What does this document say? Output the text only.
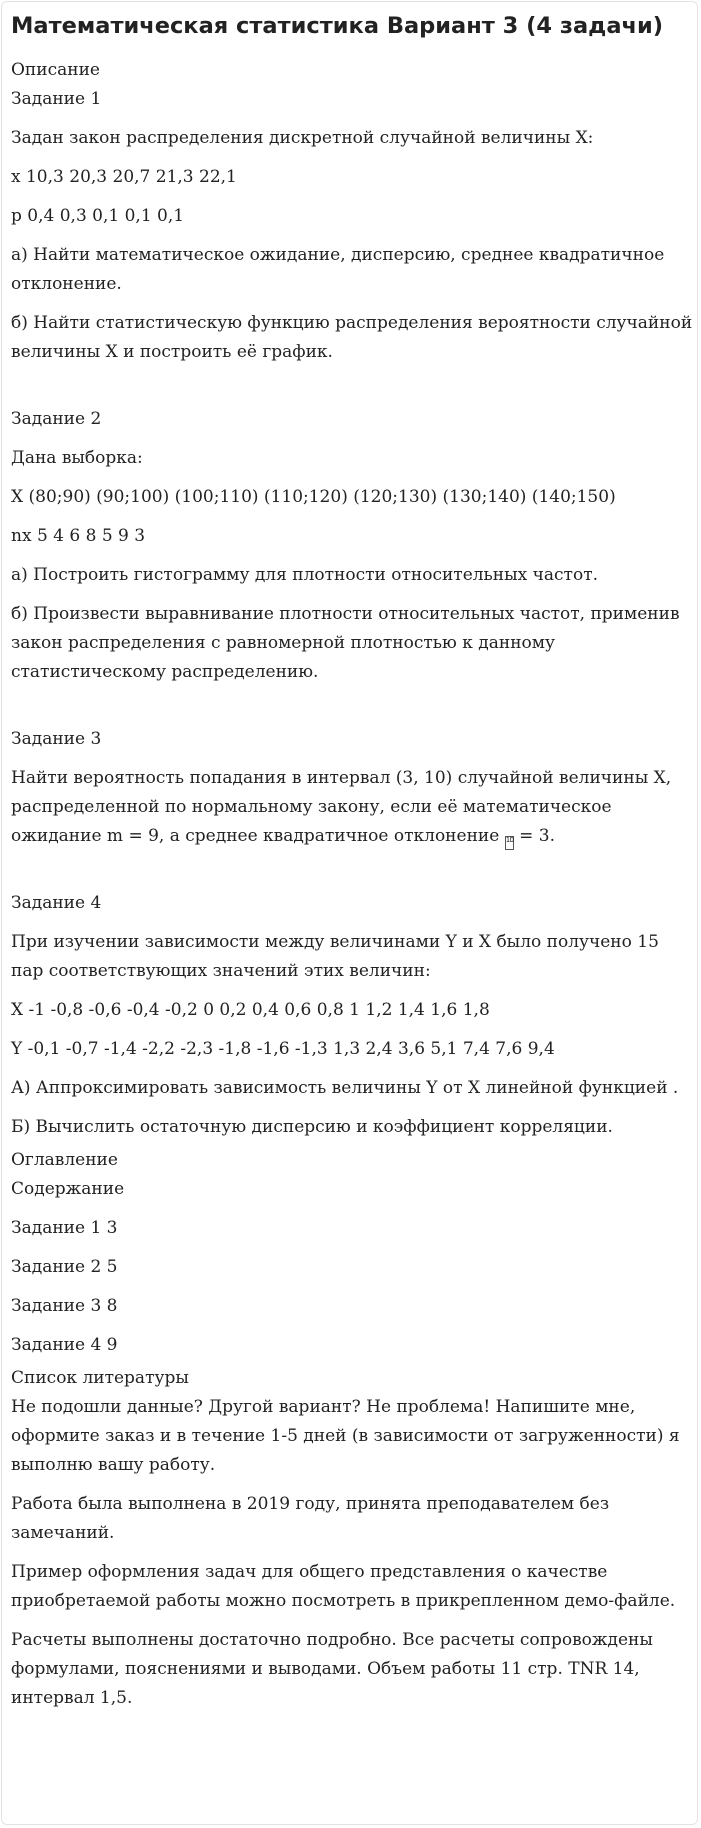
Математическая статистика Вариант 3 (4 задачи)
Описание
Задание 1

Задан закон распределения дискретной случайной величины X:

x 10,3 20,3 20,7 21,3 22,1

p 0,4 0,3 0,1 0,1 0,1

а) Найти математическое ожидание, дисперсию, среднее квадратичное отклонение.

б) Найти статистическую функцию распределения вероятности случайной величины X и построить её график.

Задание 2

Дана выборка:

X (80;90) (90;100) (100;110) (110;120) (120;130) (130;140) (140;150)

nx 5 4 6 8 5 9 3

а) Построить гистограмму для плотности относительных частот.

б) Произвести выравнивание плотности относительных частот, применив закон распределения с равномерной плотностью к данному статистическому распределению.

Задание 3

Найти вероятность попадания в интервал (3, 10) случайной величины X, распределенной по нормальному закону, если её математическое ожидание m = 9, а среднее квадратичное отклонение 1D = 3.

Задание 4

При изучении зависимости между величинами Y и X было получено 15 пар соответствующих значений этих величин:

X -1 -0,8 -0,6 -0,4 -0,2 0 0,2 0,4 0,6 0,8 1 1,2 1,4 1,6 1,8

Y -0,1 -0,7 -1,4 -2,2 -2,3 -1,8 -1,6 -1,3 1,3 2,4 3,6 5,1 7,4 7,6 9,4

А) Аппроксимировать зависимость величины Y от X линейной функцией .

Б) Вычислить остаточную дисперсию и коэффициент корреляции.

Оглавление
Содержание

Задание 1 3

Задание 2 5

Задание 3 8

Задание 4 9

Список литературы

Не подошли данные? Другой вариант? Не проблема! Напишите мне, оформите заказ и в течение 1-5 дней (в зависимости от загруженности) я выполню вашу работу.

Работа была выполнена в 2019 году, принята преподавателем без замечаний.

Пример оформления задач для общего представления о качестве приобретаемой работы можно посмотреть в прикрепленном демо-файле.

Расчеты выполнены достаточно подробно. Все расчеты сопровождены формулами, пояснениями и выводами. Объем работы 11 стр. TNR 14, интервал 1,5.
